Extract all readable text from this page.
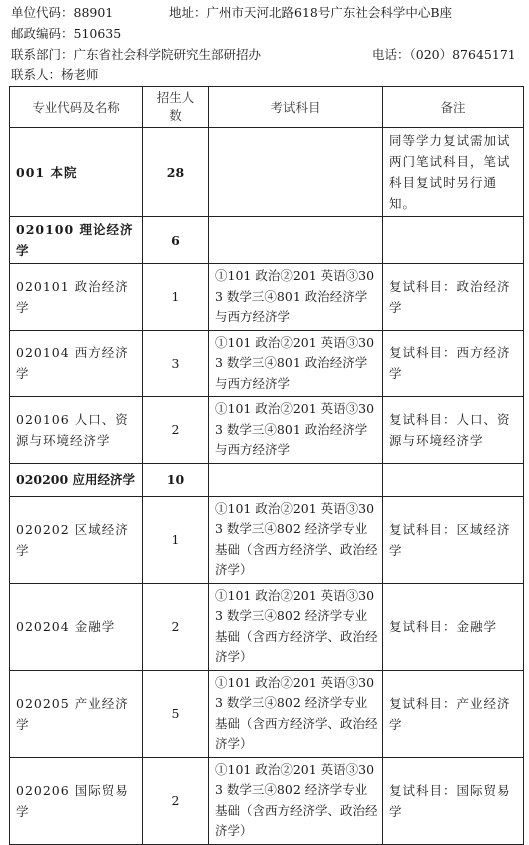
单位代码：88901	地址：广州市天河北路618号广东社会科学中心B座
邮政编码：510635
联系部门：广东省社会科学院研究生部研招办	电话：（020）87645171
联系人：杨老师
专业代码及名称	招生人数	考试科目	备注
001 本院	28		同等学力复试需加试两门笔试科目，笔试科目复试时另行通知。
020100 理论经济学	6		
020101 政治经济学	1	①101 政治②201 英语③303 数学三④801 政治经济学与西方经济学	复试科目：政治经济学
020104 西方经济学	3	①101 政治②201 英语③303 数学三④801 政治经济学与西方经济学	复试科目：西方经济学
020106 人口、资源与环境经济学	2	①101 政治②201 英语③303 数学三④801 政治经济学与西方经济学	复试科目：人口、资源与环境经济学
020200 应用经济学	10		
020202 区域经济学	1	①101 政治②201 英语③303 数学三④802 经济学专业基础（含西方经济学、政治经济学）	复试科目：区域经济学
020204 金融学	2	①101 政治②201 英语③303 数学三④802 经济学专业基础（含西方经济学、政治经济学）	复试科目：金融学
020205 产业经济学	5	①101 政治②201 英语③303 数学三④802 经济学专业基础（含西方经济学、政治经济学）	复试科目：产业经济学
020206 国际贸易学	2	①101 政治②201 英语③303 数学三④802 经济学专业基础（含西方经济学、政治经济学）	复试科目：国际贸易学
